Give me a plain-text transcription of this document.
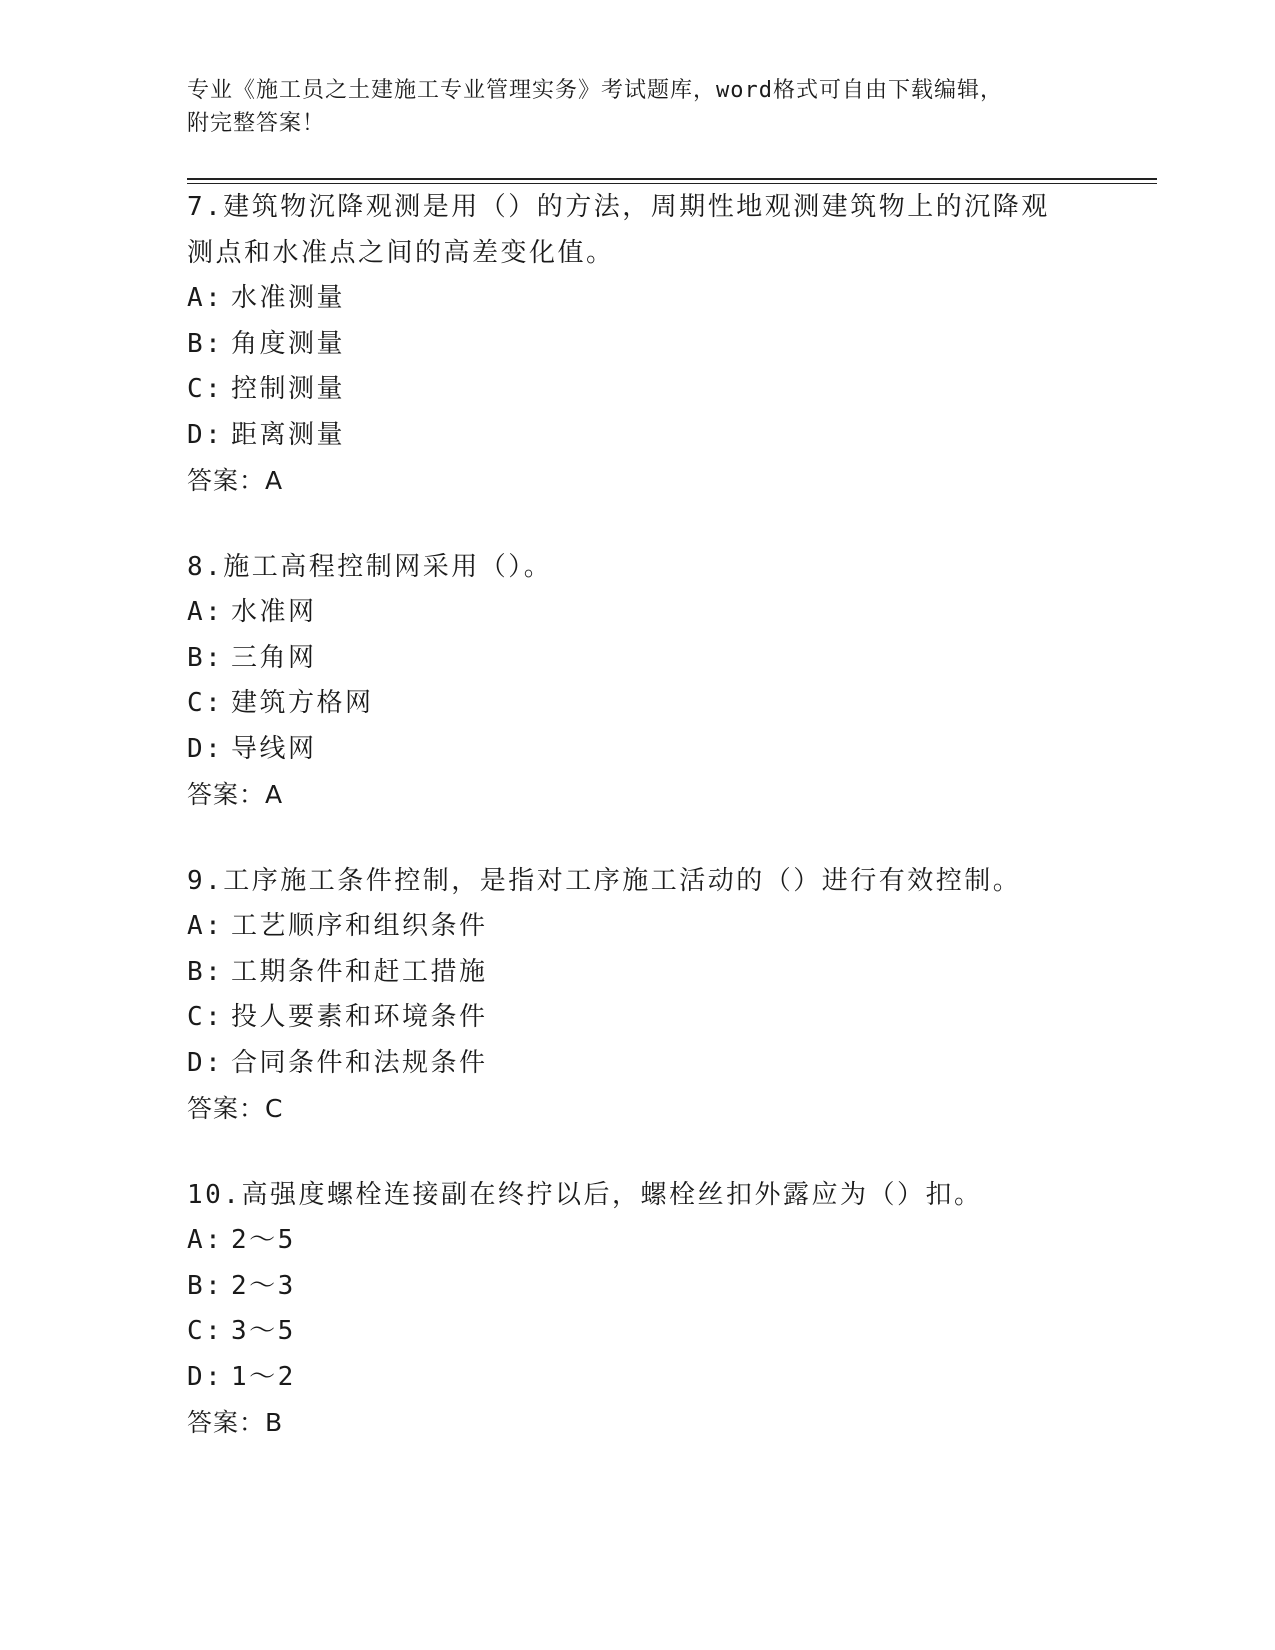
专业《施工员之土建施工专业管理实务》考试题库，word格式可自由下载编辑，
附完整答案！
7.建筑物沉降观测是用（）的方法，周期性地观测建筑物上的沉降观
测点和水准点之间的高差变化值。
A: 水准测量
B: 角度测量
C: 控制测量
D: 距离测量
答案：A
8.施工高程控制网采用（）。
A: 水准网
B: 三角网
C: 建筑方格网
D: 导线网
答案：A
9.工序施工条件控制，是指对工序施工活动的（）进行有效控制。
A: 工艺顺序和组织条件
B: 工期条件和赶工措施
C: 投人要素和环境条件
D: 合同条件和法规条件
答案：C
10.高强度螺栓连接副在终拧以后，螺栓丝扣外露应为（）扣。
A: 2～5
B: 2～3
C: 3～5
D: 1～2
答案：B
